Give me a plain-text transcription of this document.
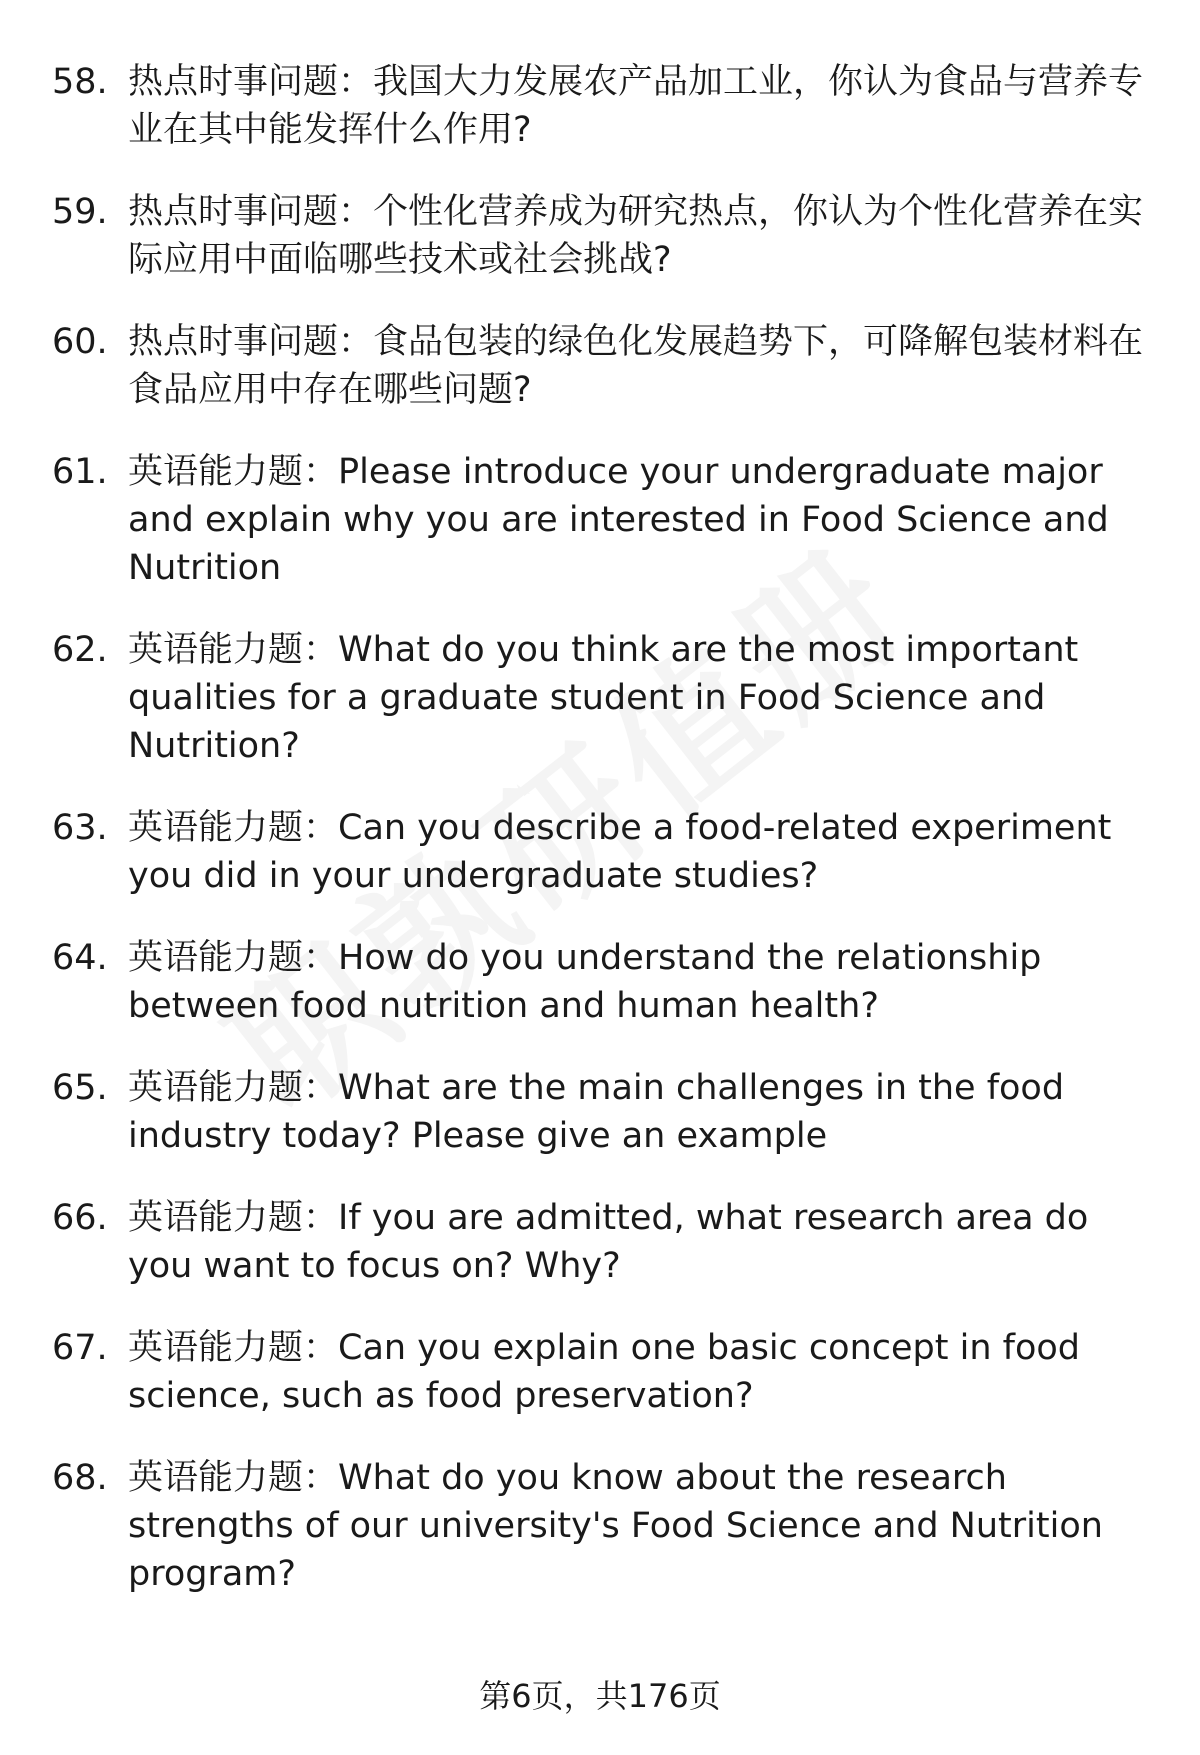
58. 热点时事问题：我国大力发展农产品加工业，你认为食品与营养专业在其中能发挥什么作用?
59. 热点时事问题：个性化营养成为研究热点，你认为个性化营养在实际应用中面临哪些技术或社会挑战?
60. 热点时事问题：食品包装的绿色化发展趋势下，可降解包装材料在食品应用中存在哪些问题?
61. 英语能力题：Please introduce your undergraduate major and explain why you are interested in Food Science and Nutrition
62. 英语能力题：What do you think are the most important qualities for a graduate student in Food Science and Nutrition?
63. 英语能力题：Can you describe a food-related experiment you did in your undergraduate studies?
64. 英语能力题：How do you understand the relationship between food nutrition and human health?
65. 英语能力题：What are the main challenges in the food industry today? Please give an example
66. 英语能力题：If you are admitted, what research area do you want to focus on? Why?
67. 英语能力题：Can you explain one basic concept in food science, such as food preservation?
68. 英语能力题：What do you know about the research strengths of our university's Food Science and Nutrition program?
第6页，共176页
